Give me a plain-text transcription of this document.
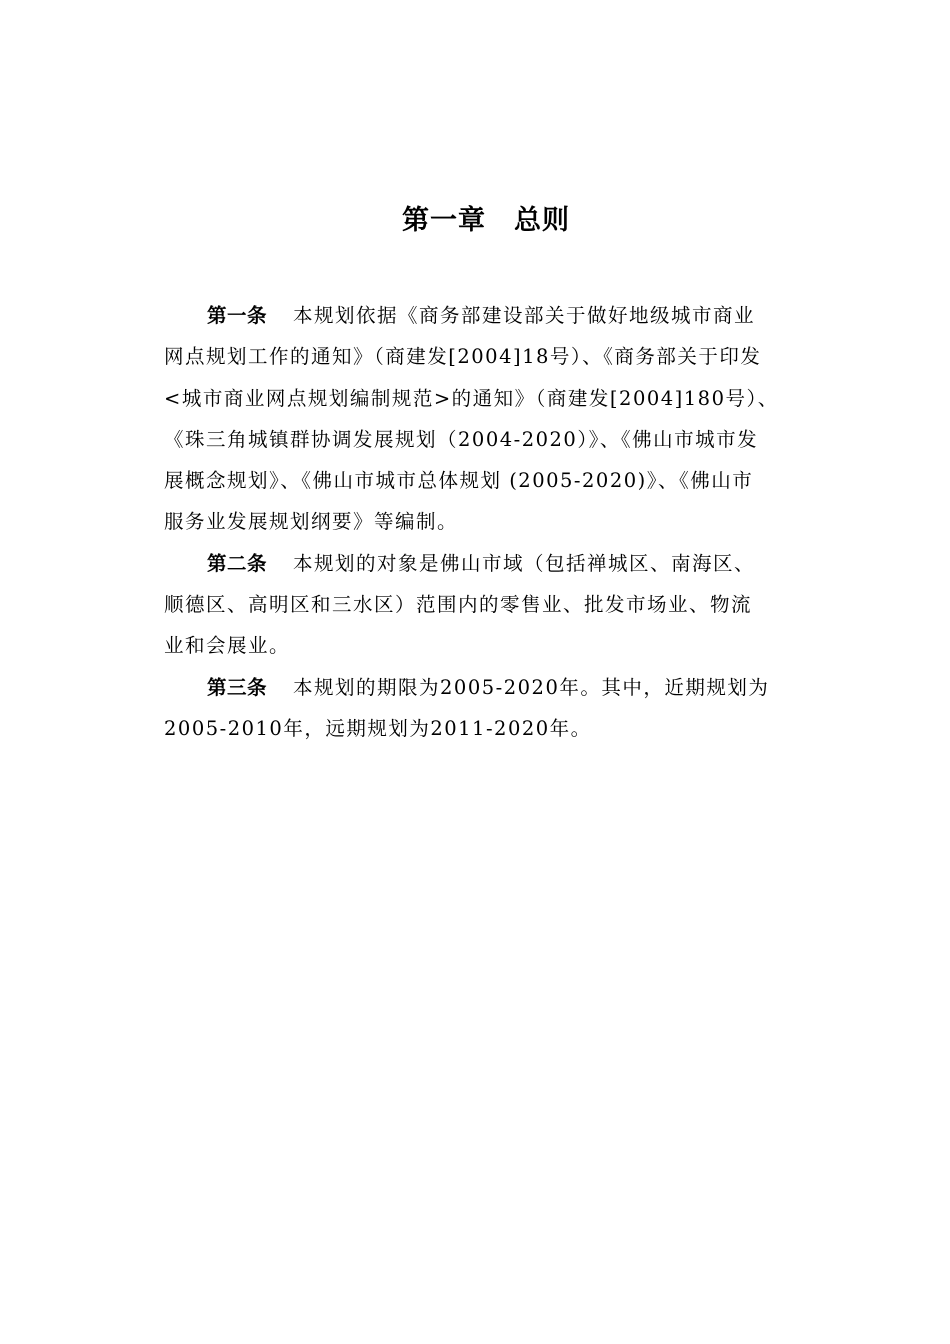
第一章 总则

第一条 本规划依据《商务部建设部关于做好地级城市商业
网点规划工作的通知》（商建发[2004]18号）、《商务部关于印发
<城市商业网点规划编制规范>的通知》（商建发[2004]180号）、
《珠三角城镇群协调发展规划（2004-2020）》、《佛山市城市发
展概念规划》、《佛山市城市总体规划 (2005-2020)》、《佛山市
服务业发展规划纲要》等编制。

第二条 本规划的对象是佛山市域（包括禅城区、南海区、
顺德区、高明区和三水区）范围内的零售业、批发市场业、物流
业和会展业。

第三条 本规划的期限为2005-2020年。其中，近期规划为
2005-2010年，远期规划为2011-2020年。
